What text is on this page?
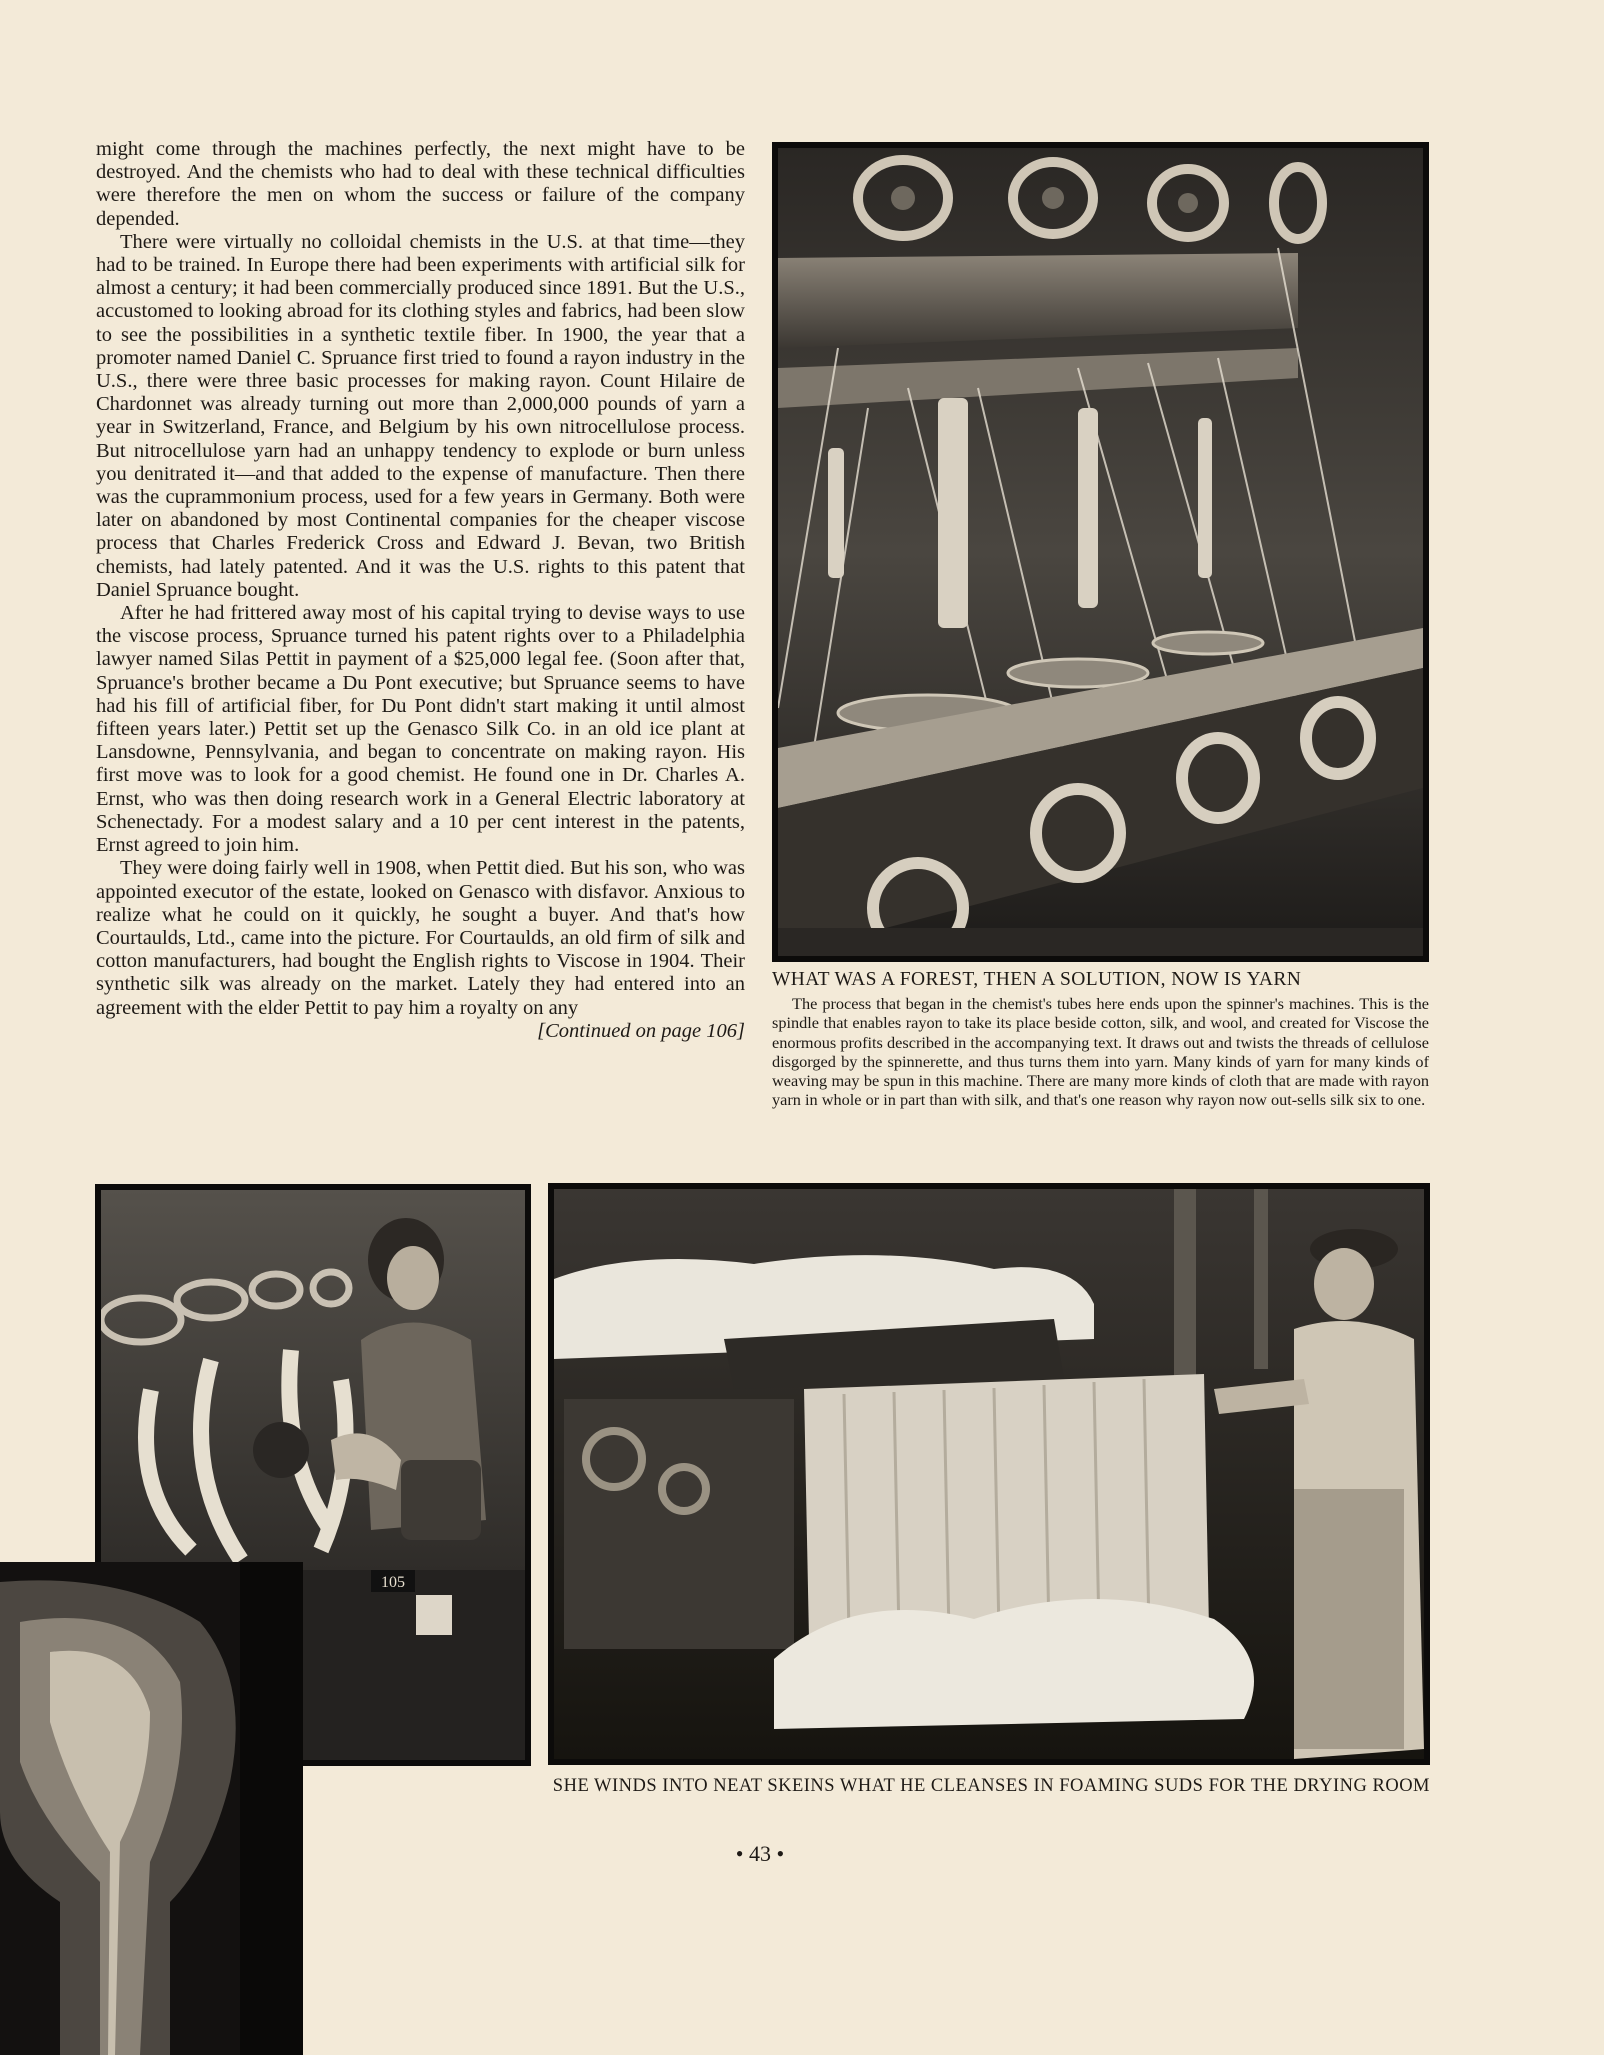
might come through the machines perfectly, the next might have to be destroyed. And the chemists who had to deal with these technical difficulties were therefore the men on whom the success or failure of the company depended.

There were virtually no colloidal chemists in the U.S. at that time—they had to be trained. In Europe there had been experiments with artificial silk for almost a century; it had been commercially produced since 1891. But the U.S., accustomed to looking abroad for its clothing styles and fabrics, had been slow to see the possibilities in a synthetic textile fiber. In 1900, the year that a promoter named Daniel C. Spruance first tried to found a rayon industry in the U.S., there were three basic processes for making rayon. Count Hilaire de Chardonnet was already turning out more than 2,000,000 pounds of yarn a year in Switzerland, France, and Belgium by his own nitrocellulose process. But nitrocellulose yarn had an unhappy tendency to explode or burn unless you denitrated it—and that added to the expense of manufacture. Then there was the cuprammonium process, used for a few years in Germany. Both were later on abandoned by most Continental companies for the cheaper viscose process that Charles Frederick Cross and Edward J. Bevan, two British chemists, had lately patented. And it was the U.S. rights to this patent that Daniel Spruance bought.

After he had frittered away most of his capital trying to devise ways to use the viscose process, Spruance turned his patent rights over to a Philadelphia lawyer named Silas Pettit in payment of a $25,000 legal fee. (Soon after that, Spruance's brother became a Du Pont executive; but Spruance seems to have had his fill of artificial fiber, for Du Pont didn't start making it until almost fifteen years later.) Pettit set up the Genasco Silk Co. in an old ice plant at Lansdowne, Pennsylvania, and began to concentrate on making rayon. His first move was to look for a good chemist. He found one in Dr. Charles A. Ernst, who was then doing research work in a General Electric laboratory at Schenectady. For a modest salary and a 10 per cent interest in the patents, Ernst agreed to join him.

They were doing fairly well in 1908, when Pettit died. But his son, who was appointed executor of the estate, looked on Genasco with disfavor. Anxious to realize what he could on it quickly, he sought a buyer. And that's how Courtaulds, Ltd., came into the picture. For Courtaulds, an old firm of silk and cotton manufacturers, had bought the English rights to Viscose in 1904. Their synthetic silk was already on the market. Lately they had entered into an agreement with the elder Pettit to pay him a royalty on any

[Continued on page 106]

WHAT WAS A FOREST, THEN A SOLUTION, NOW IS YARN

The process that began in the chemist's tubes here ends upon the spinner's machines. This is the spindle that enables rayon to take its place beside cotton, silk, and wool, and created for Viscose the enormous profits described in the accompanying text. It draws out and twists the threads of cellulose disgorged by the spinnerette, and thus turns them into yarn. Many kinds of yarn for many kinds of weaving may be spun in this machine. There are many more kinds of cloth that are made with rayon yarn in whole or in part than with silk, and that's one reason why rayon now out-sells silk six to one.

105

SHE WINDS INTO NEAT SKEINS WHAT HE CLEANSES IN FOAMING SUDS FOR THE DRYING ROOM

• 43 •
